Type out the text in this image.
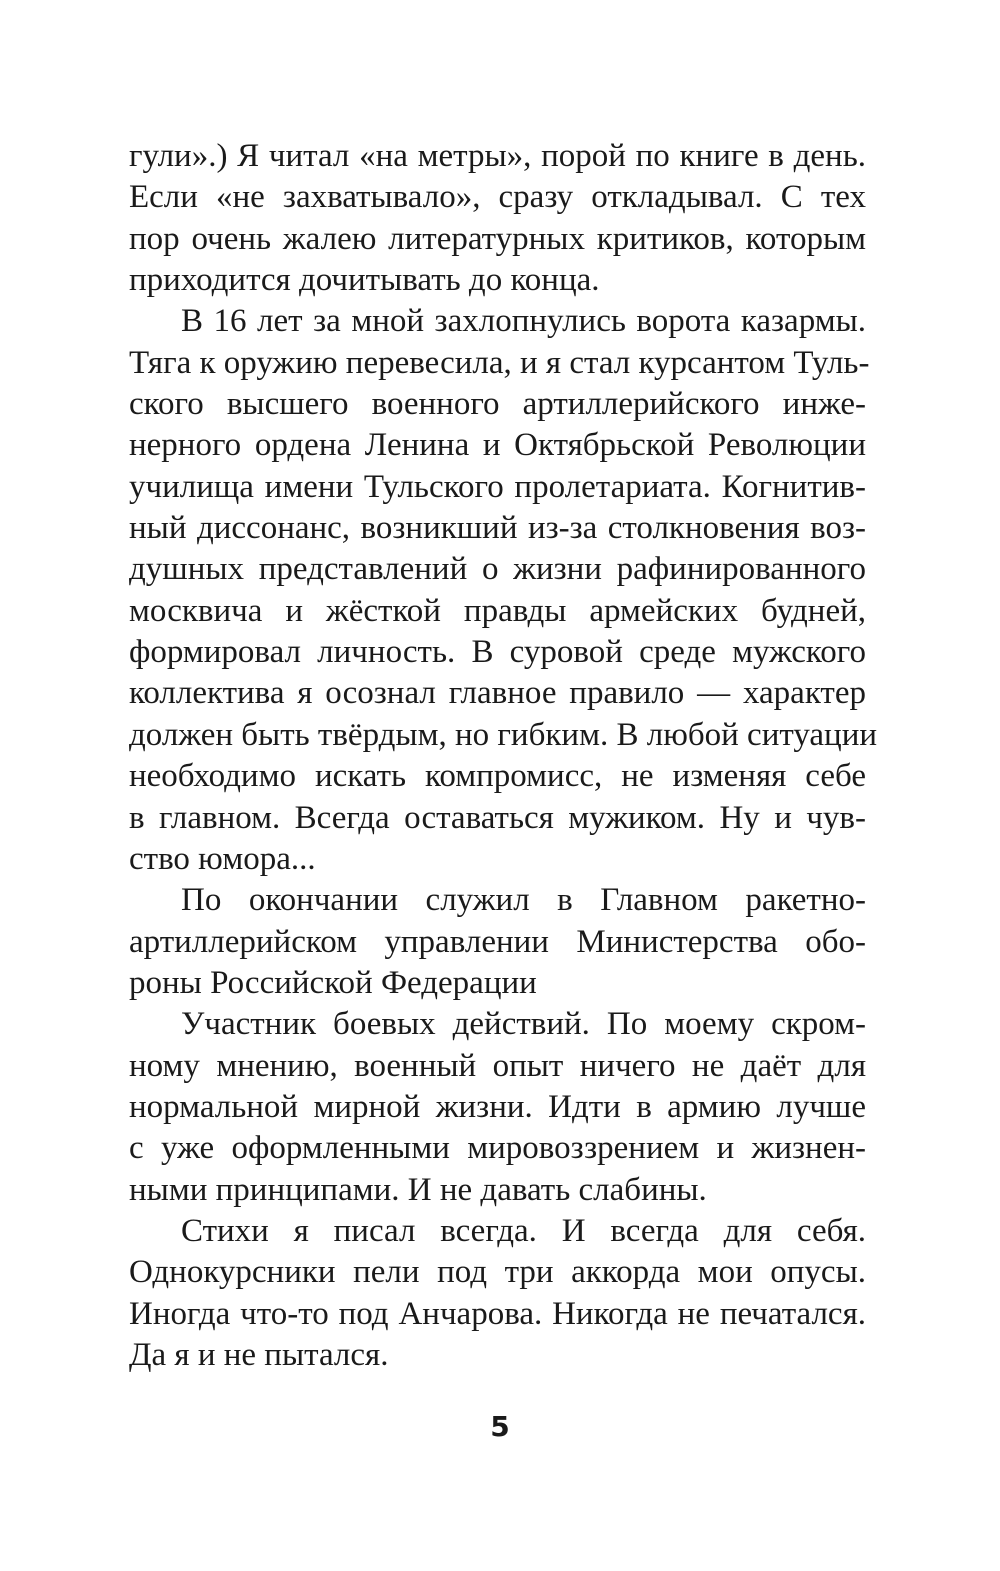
гули».) Я читал «на метры», порой по книге в день.
Если «не захватывало», сразу откладывал. С тех
пор очень жалею литературных критиков, которым
приходится дочитывать до конца.
В 16 лет за мной захлопнулись ворота казармы.
Тяга к оружию перевесила, и я стал курсантом Туль-
ского высшего военного артиллерийского инже-
нерного ордена Ленина и Октябрьской Революции
училища имени Тульского пролетариата. Когнитив-
ный диссонанс, возникший из-за столкновения воз-
душных представлений о жизни рафинированного
москвича и жёсткой правды армейских будней,
формировал личность. В суровой среде мужского
коллектива я осознал главное правило — характер
должен быть твёрдым, но гибким. В любой ситуации
необходимо искать компромисс, не изменяя себе
в главном. Всегда оставаться мужиком. Ну и чув-
ство юмора...
По окончании служил в Главном ракетно-
артиллерийском управлении Министерства обо-
роны Российской Федерации
Участник боевых действий. По моему скром-
ному мнению, военный опыт ничего не даёт для
нормальной мирной жизни. Идти в армию лучше
с уже оформленными мировоззрением и жизнен-
ными принципами. И не давать слабины.
Стихи я писал всегда. И всегда для себя.
Однокурсники пели под три аккорда мои опусы.
Иногда что-то под Анчарова. Никогда не печатался.
Да я и не пытался.
5
